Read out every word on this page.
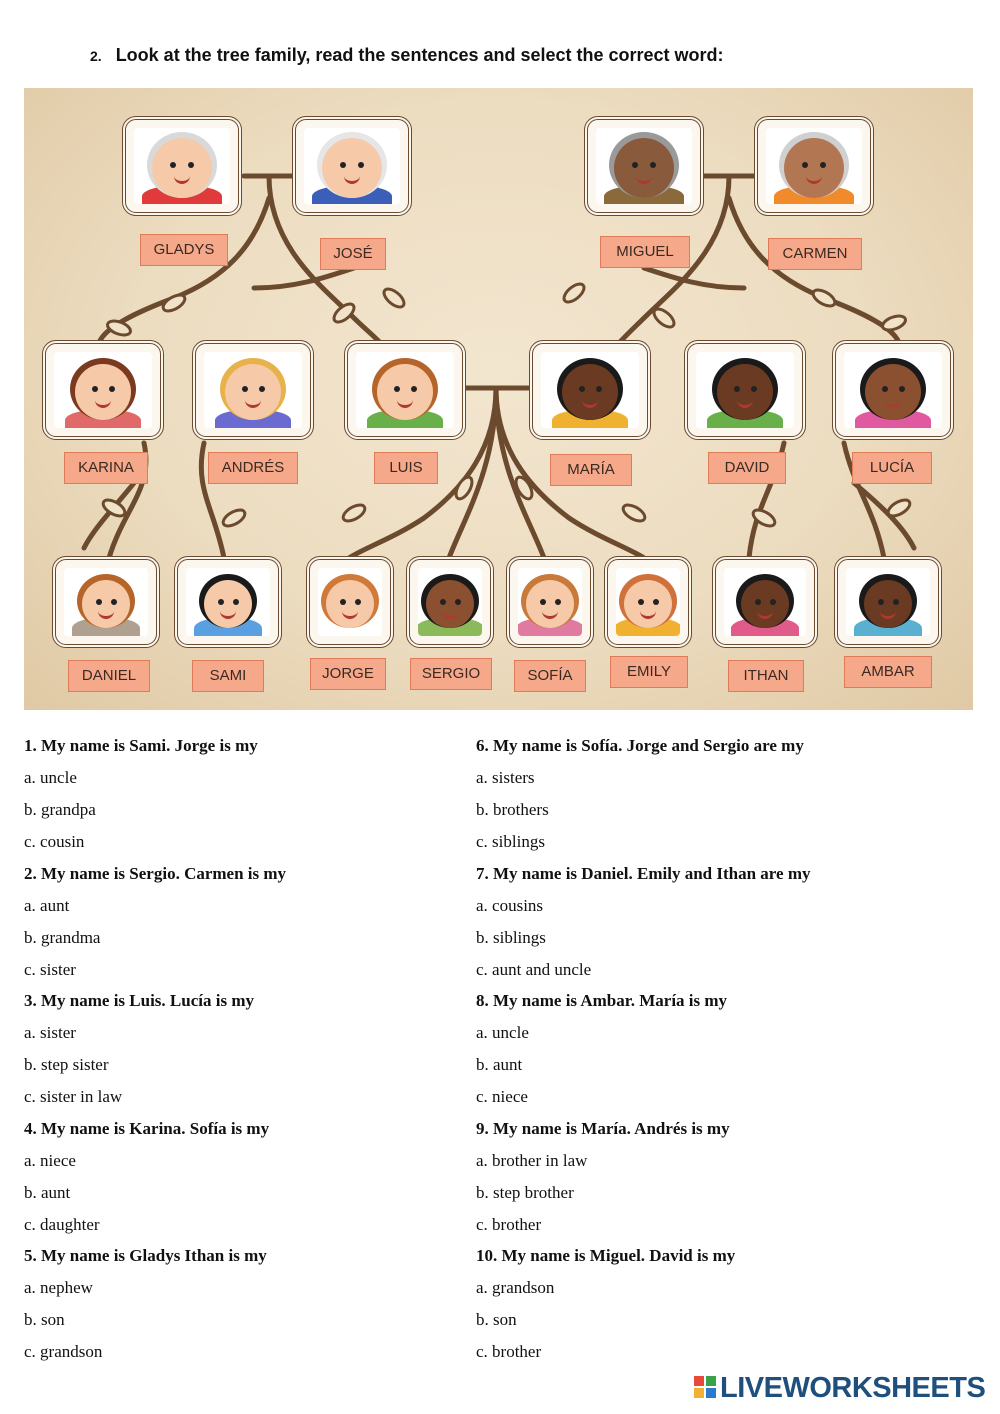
2. Look at the tree family, read the sentences and select the correct word:
GLADYS	JOSÉ	MIGUEL	CARMEN
KARINA	ANDRÉS	LUIS	MARÍA	DAVID	LUCÍA
DANIEL	SAMI	JORGE	SERGIO	SOFÍA	EMILY	ITHAN	AMBAR
1. My name is Sami. Jorge is my
a. uncle
b. grandpa
c. cousin
2. My name is Sergio. Carmen is my
a. aunt
b. grandma
c. sister
3. My name is Luis. Lucía is my
a. sister
b. step sister
c. sister in law
4. My name is Karina. Sofía is my
a. niece
b. aunt
c. daughter
5. My name is Gladys Ithan is my
a. nephew
b. son
c. grandson
6. My name is Sofía. Jorge and Sergio are my
a. sisters
b. brothers
c. siblings
7. My name is Daniel. Emily and Ithan are my
a. cousins
b. siblings
c. aunt and uncle
8. My name is Ambar. María is my
a. uncle
b. aunt
c. niece
9. My name is María. Andrés is my
a. brother in law
b. step brother
c. brother
10. My name is Miguel. David is my
a. grandson
b. son
c. brother
LIVEWORKSHEETS
